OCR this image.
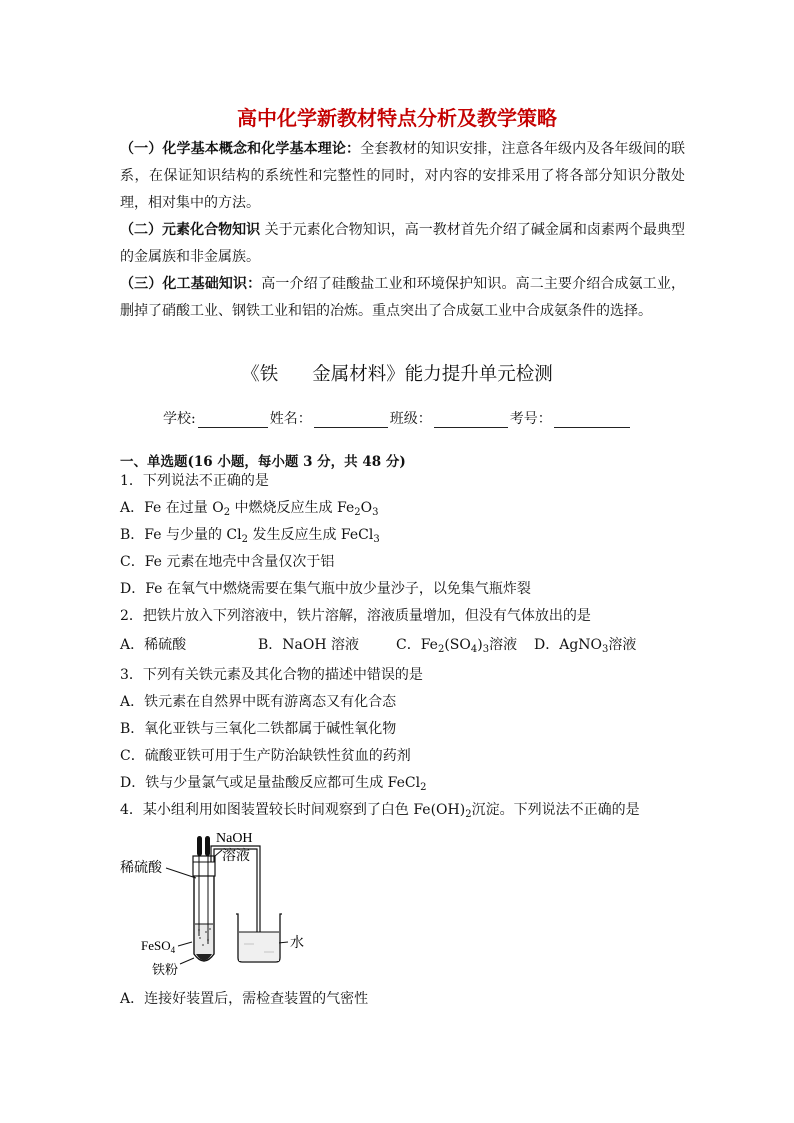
高中化学新教材特点分析及教学策略
（一）化学基本概念和化学基本理论：全套教材的知识安排，注意各年级内及各年级间的联系，在保证知识结构的系统性和完整性的同时，对内容的安排采用了将各部分知识分散处理，相对集中的方法。
（二）元素化合物知识 关于元素化合物知识，高一教材首先介绍了碱金属和卤素两个最典型的金属族和非金属族。
（三）化工基础知识：高一介绍了硅酸盐工业和环境保护知识。高二主要介绍合成氨工业，删掉了硝酸工业、钢铁工业和铝的冶炼。重点突出了合成氨工业中合成氨条件的选择。
《铁 金属材料》能力提升单元检测
学校:	姓名：	班级：	考号：
一、单选题(16 小题，每小题 3 分，共 48 分)
1．下列说法不正确的是
A．Fe 在过量 $O_2$ 中燃烧反应生成 $Fe_2O_3$
B．Fe 与少量的 $Cl_2$ 发生反应生成 FeCl$_3$
C．Fe 元素在地壳中含量仅次于铝
D．Fe 在氧气中燃烧需要在集气瓶中放少量沙子，以免集气瓶炸裂
2．把铁片放入下列溶液中，铁片溶解，溶液质量增加，但没有气体放出的是
A．稀硫酸	B．NaOH 溶液	C．$Fe_2(SO_4)_3$溶液 D．AgNO$_3$溶液
3．下列有关铁元素及其化合物的描述中错误的是
A．铁元素在自然界中既有游离态又有化合态
B．氧化亚铁与三氧化二铁都属于碱性氧化物
C．硫酸亚铁可用于生产防治缺铁性贫血的药剂
D．铁与少量氯气或足量盐酸反应都可生成 FeCl$_2$
4．某小组利用如图装置较长时间观察到了白色 $Fe(OH)_2$沉淀。下列说法不正确的是
NaOH
溶液
稀硫酸
FeSO$_4$
铁粉
水
A．连接好装置后，需检查装置的气密性
